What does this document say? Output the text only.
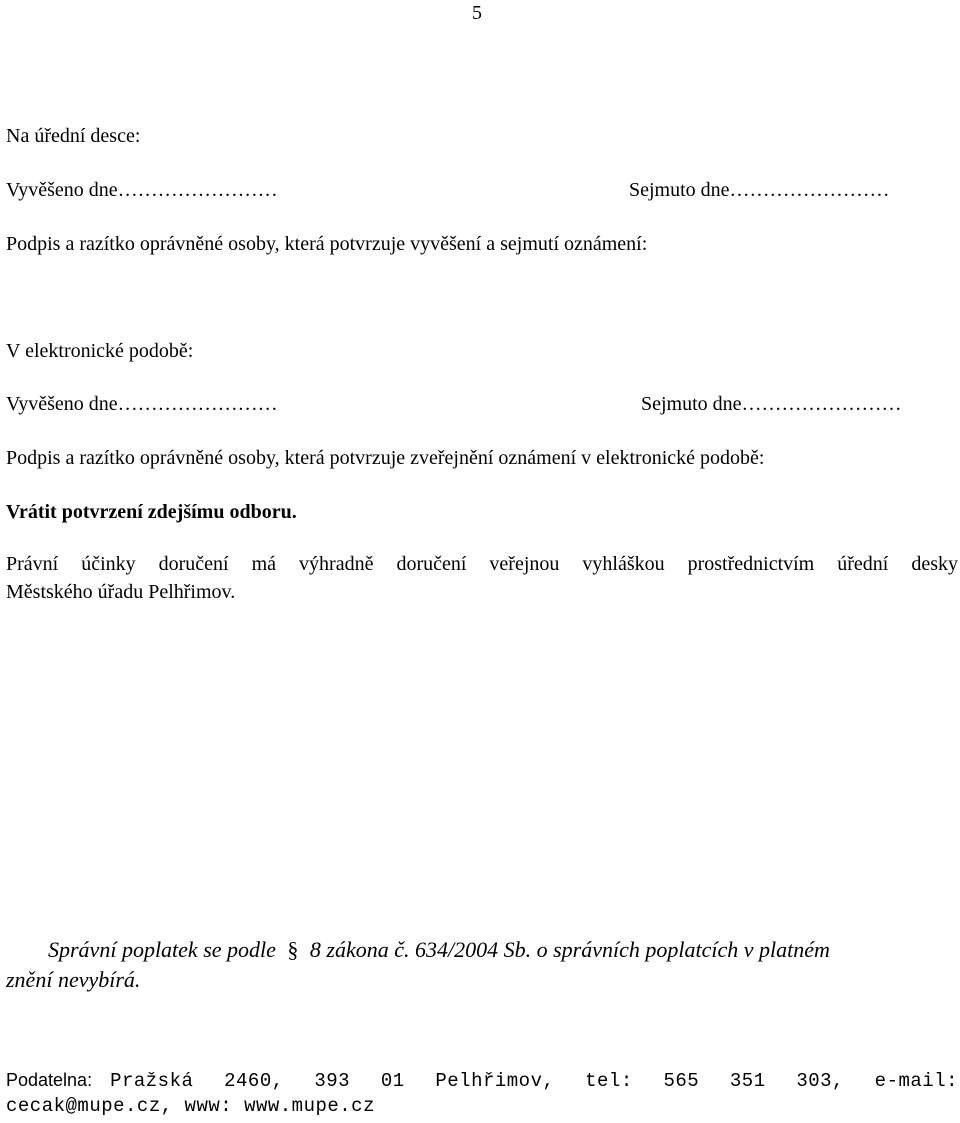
5
Na úřední desce:
Vyvěšeno dne……………………	Sejmuto dne……………………
Podpis a razítko oprávněné osoby, která potvrzuje vyvěšení a sejmutí oznámení:
V elektronické podobě:
Vyvěšeno dne……………………	Sejmuto dne……………………
Podpis a razítko oprávněné osoby, která potvrzuje zveřejnění oznámení v elektronické podobě:
Vrátit potvrzení zdejšímu odboru.
Právní účinky doručení má výhradně doručení veřejnou vyhláškou prostřednictvím úřední desky
Městského úřadu Pelhřimov.
Správní poplatek se podle § 8 zákona č. 634/2004 Sb. o správních poplatcích v platném
znění nevybírá.
Podatelna: Pražská 2460, 393 01 Pelhřimov, tel: 565 351 303, e-mail:
cecak@mupe.cz, www: www.mupe.cz
